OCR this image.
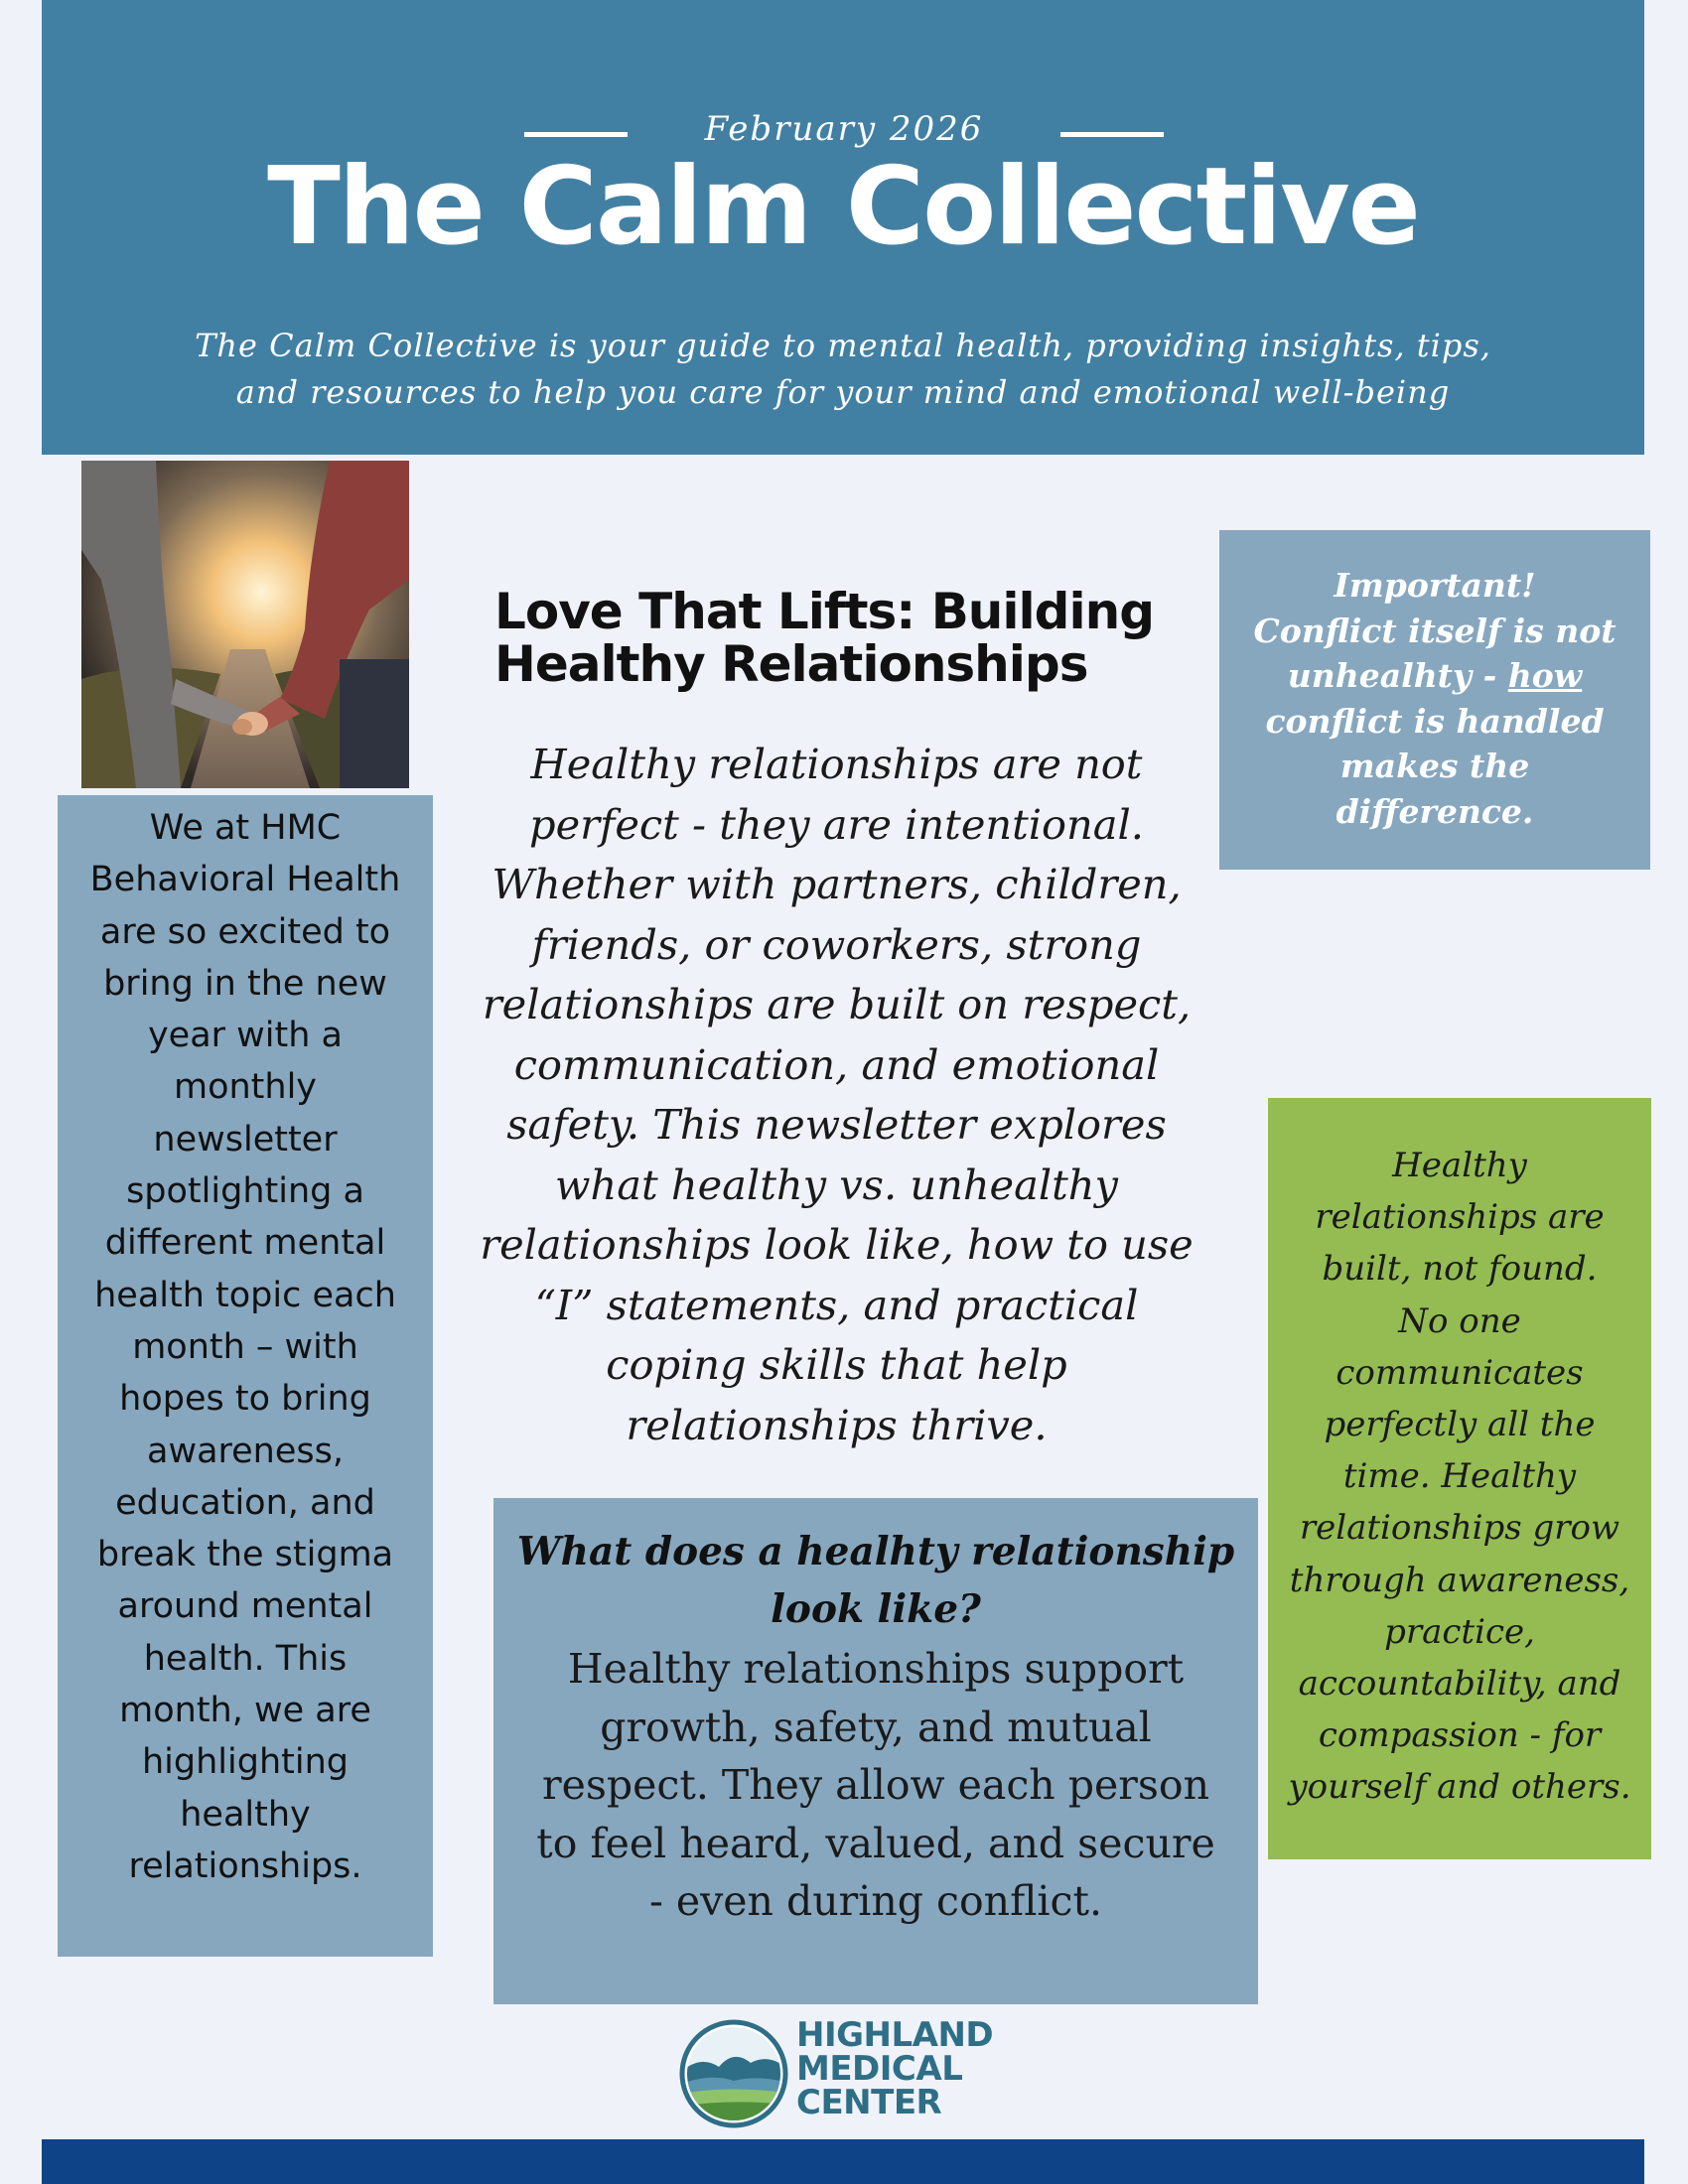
February 2026
The Calm Collective
The Calm Collective is your guide to mental health, providing insights, tips,
and resources to help you care for your mind and emotional well-being
We at HMC
Behavioral Health
are so excited to
bring in the new
year with a
monthly
newsletter
spotlighting a
different mental
health topic each
month – with
hopes to bring
awareness,
education, and
break the stigma
around mental
health. This
month, we are
highlighting
healthy
relationships.
Love That Lifts: Building
Healthy Relationships
Healthy relationships are not
perfect - they are intentional.
Whether with partners, children,
friends, or coworkers, strong
relationships are built on respect,
communication, and emotional
safety. This newsletter explores
what healthy vs. unhealthy
relationships look like, how to use
“I” statements, and practical
coping skills that help
relationships thrive.
Important!
Conflict itself is not
unhealhty - how
conflict is handled
makes the
difference.
Healthy
relationships are
built, not found.
No one
communicates
perfectly all the
time. Healthy
relationships grow
through awareness,
practice,
accountability, and
compassion - for
yourself and others.
What does a healhty relationship
look like?
Healthy relationships support
growth, safety, and mutual
respect. They allow each person
to feel heard, valued, and secure
- even during conflict.
HIGHLAND
MEDICAL
CENTER
